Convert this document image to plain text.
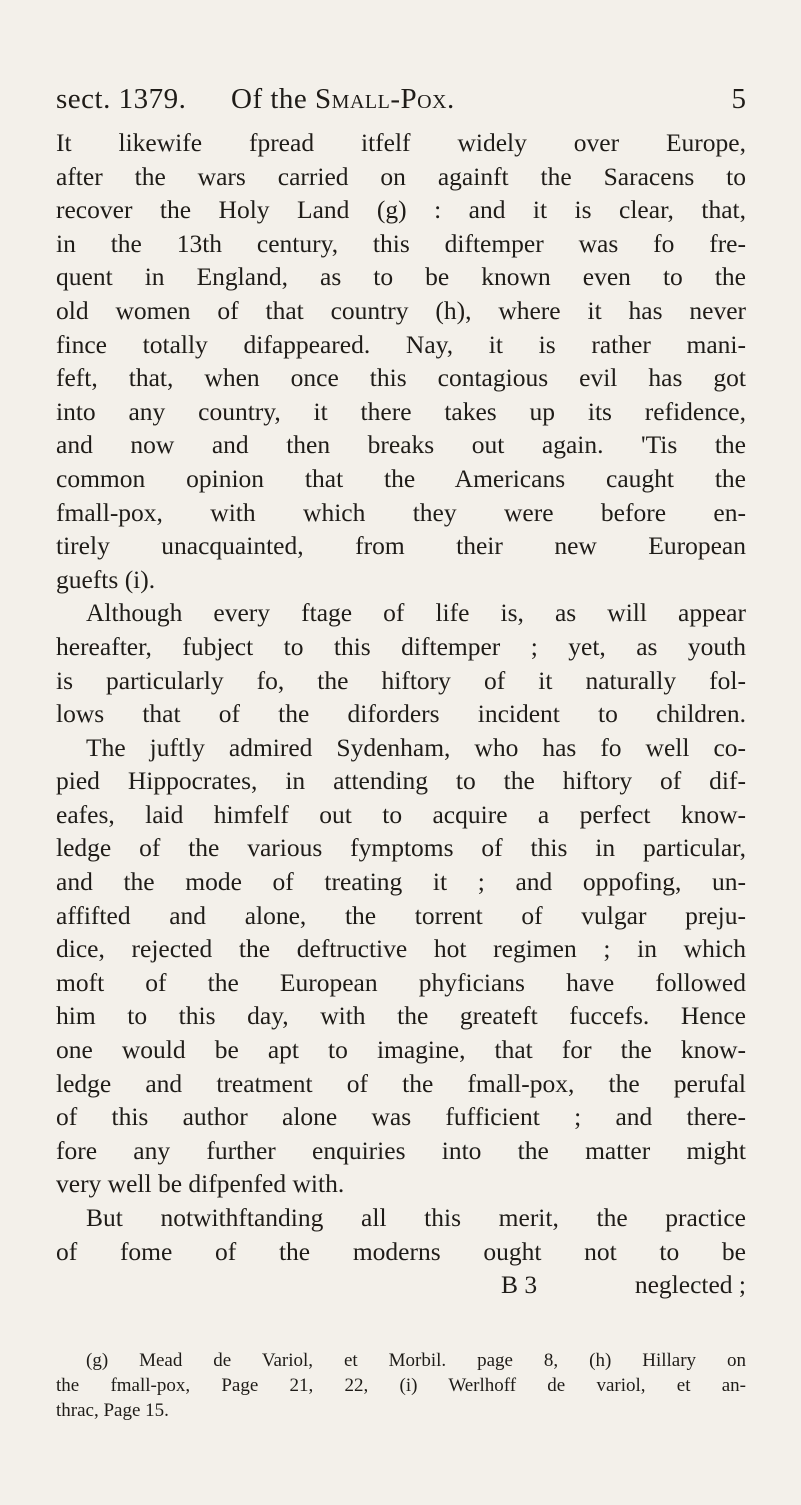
sect. 1379. Of the Small-Pox.	5
It likewife fpread itfelf widely over Europe,
after the wars carried on againft the Saracens to
recover the Holy Land (g) : and it is clear, that,
in the 13th century, this diftemper was fo fre-
quent in England, as to be known even to the
old women of that country (h), where it has never
fince totally difappeared. Nay, it is rather mani-
feft, that, when once this contagious evil has got
into any country, it there takes up its refidence,
and now and then breaks out again. 'Tis the
common opinion that the Americans caught the
fmall-pox, with which they were before en-
tirely unacquainted, from their new European
guefts (i).
Although every ftage of life is, as will appear
hereafter, fubject to this diftemper ; yet, as youth
is particularly fo, the hiftory of it naturally fol-
lows that of the diforders incident to children.
The juftly admired Sydenham, who has fo well co-
pied Hippocrates, in attending to the hiftory of dif-
eafes, laid himfelf out to acquire a perfect know-
ledge of the various fymptoms of this in particular,
and the mode of treating it ; and oppofing, un-
affifted and alone, the torrent of vulgar preju-
dice, rejected the deftructive hot regimen ; in which
moft of the European phyficians have followed
him to this day, with the greateft fuccefs. Hence
one would be apt to imagine, that for the know-
ledge and treatment of the fmall-pox, the perufal
of this author alone was fufficient ; and there-
fore any further enquiries into the matter might
very well be difpenfed with.
But notwithftanding all this merit, the practice
of fome of the moderns ought not to be
B 3	neglected ;
(g) Mead de Variol, et Morbil. page 8, (h) Hillary on
the fmall-pox, Page 21, 22, (i) Werlhoff de variol, et an-
thrac, Page 15.
